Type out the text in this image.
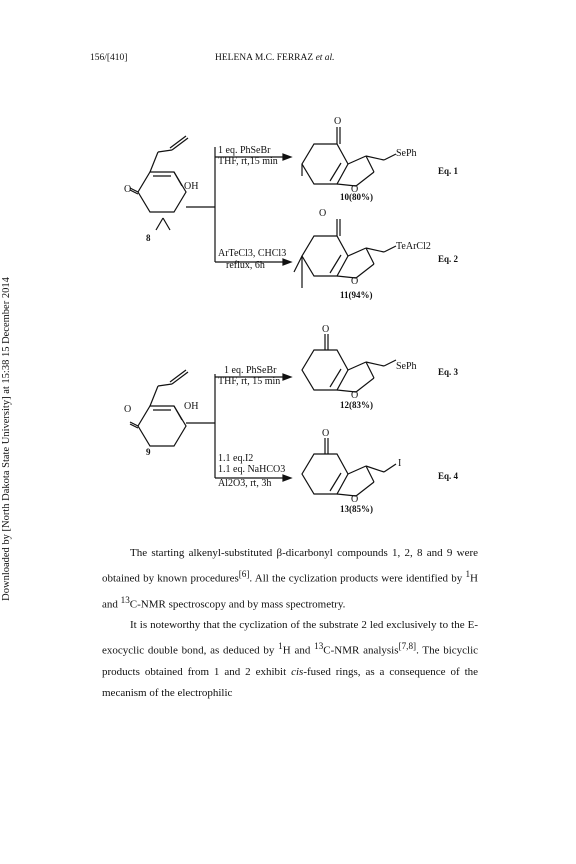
156/[410]	HELENA M.C. FERRAZ et al.
Downloaded by [North Dakota State University] at 15:38 15 December 2014
O	OH
8
1 eq. PhSeBr
THF, rt,15 min
ArTeCl3, CHCl3
reflux, 6h
O
O
SePh
10(80%)
Eq. 1
O
O
TeArCl2
11(94%)
Eq. 2
O	OH
9
1 eq. PhSeBr
THF, rt, 15 min
1.1 eq.I2
1.1 eq. NaHCO3
Al2O3, rt, 3h
O
O
SePh
12(83%)
Eq. 3
O
O
I
13(85%)
Eq. 4

The starting alkenyl-substituted β-dicarbonyl compounds 1, 2, 8 and 9 were obtained by known procedures[6]. All the cyclization products were identified by $^1$H and $^{13}$C-NMR spectroscopy and by mass spectrometry.

It is noteworthy that the cyclization of the substrate 2 led exclusively to the E-exocyclic double bond, as deduced by $^1$H and $^{13}$C-NMR analysis[7,8]. The bicyclic products obtained from 1 and 2 exhibit cis-fused rings, as a consequence of the mecanism of the electrophilic
